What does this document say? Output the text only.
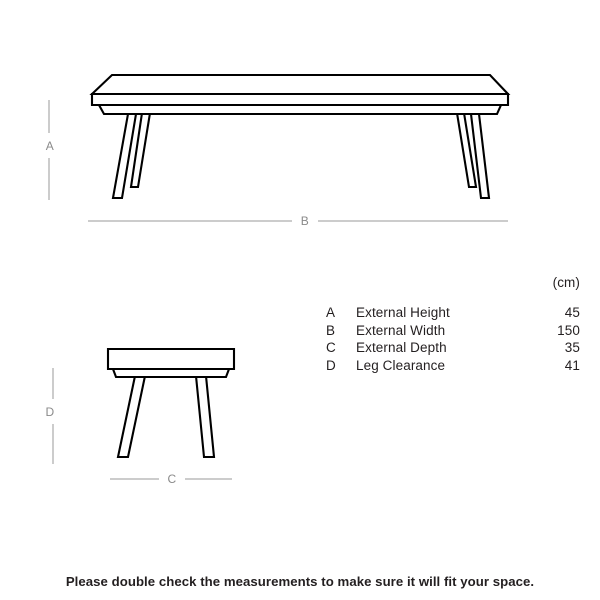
A
B
C
D
(cm)
A	External Height	45
B	External Width	150
C	External Depth	35
D	Leg Clearance	41
Please double check the measurements to make sure it will fit your space.
